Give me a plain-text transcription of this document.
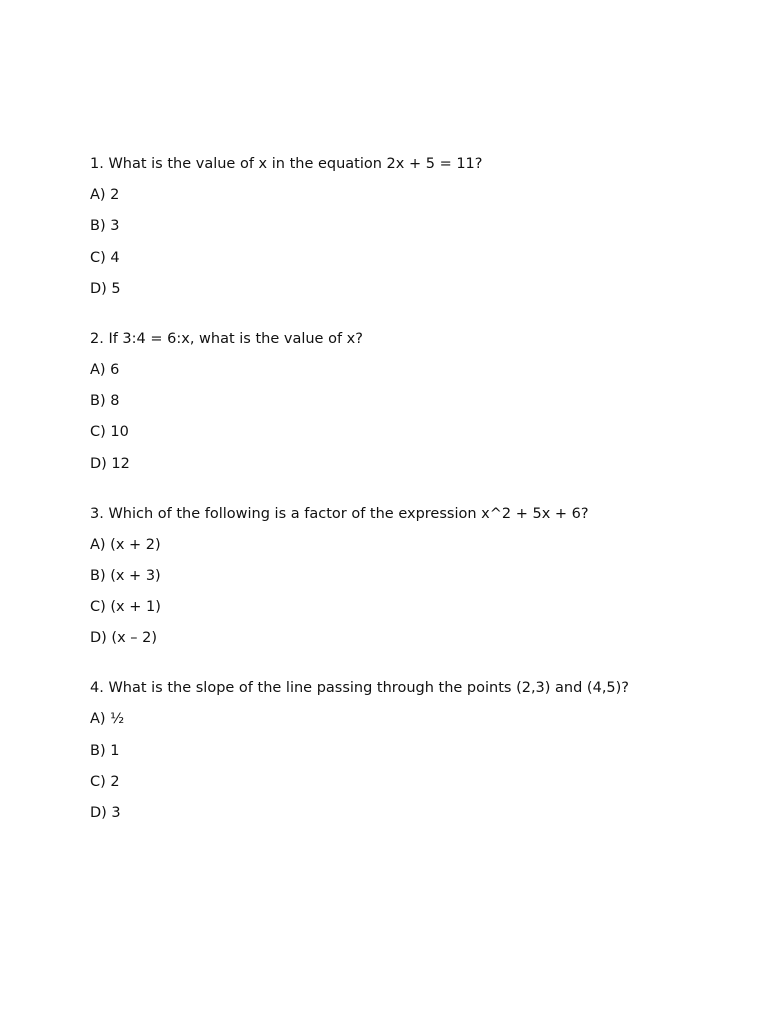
1. What is the value of x in the equation 2x + 5 = 11?
A) 2
B) 3
C) 4
D) 5
2. If 3:4 = 6:x, what is the value of x?
A) 6
B) 8
C) 10
D) 12
3. Which of the following is a factor of the expression x^2 + 5x + 6?
A) (x + 2)
B) (x + 3)
C) (x + 1)
D) (x – 2)
4. What is the slope of the line passing through the points (2,3) and (4,5)?
A) ½
B) 1
C) 2
D) 3
